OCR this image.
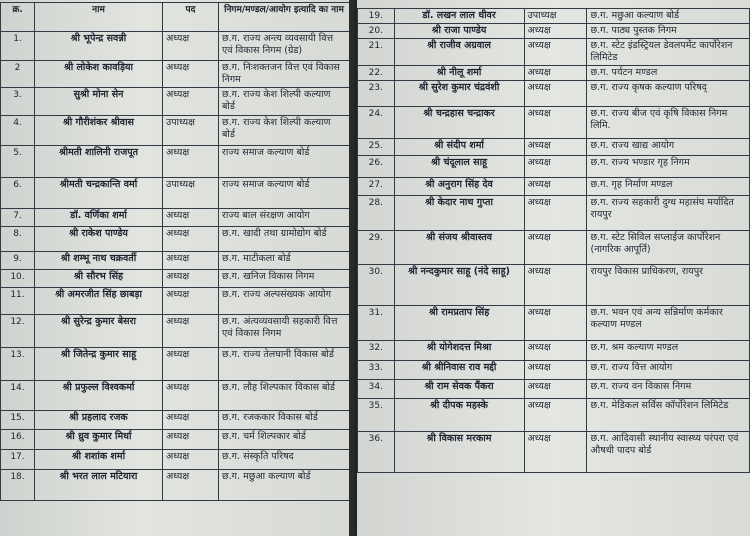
क्र.	नाम	पद	निगम/मण्डल/आयोग इत्यादि का नाम
1.	श्री भूपेन्द्र सवन्नी	अध्यक्ष	छ.ग. राज्य अन्त्य व्यवसायी वित्त एवं विकास निगम (ग्रेड)
2	श्री लोकेश कावड़िया	अध्यक्ष	छ.ग. निःशक्तजन वित्त एवं विकास निगम
3.	सुश्री मोना सेन	अध्यक्ष	छ.ग. राज्य केश शिल्पी कल्याण बोर्ड
4.	श्री गौरीशंकर श्रीवास	उपाध्यक्ष	छ.ग. राज्य केश शिल्पी कल्याण बोर्ड
5.	श्रीमती शालिनी राजपूत	अध्यक्ष	राज्य समाज कल्याण बोर्ड
6.	श्रीमती चन्द्रकान्ति वर्मा	उपाध्यक्ष	राज्य समाज कल्याण बोर्ड
7.	डॉ. वर्णिका शर्मा	अध्यक्ष	राज्य बाल संरक्षण आयोग
8.	श्री राकेश पाण्डेय	अध्यक्ष	छ.ग. खादी तथा ग्रामोद्योग बोर्ड
9.	श्री शम्भू नाथ चक्रवर्ती	अध्यक्ष	छ.ग. माटीकला बोर्ड
10.	श्री सौरभ सिंह	अध्यक्ष	छ.ग. खनिज विकास निगम
11.	श्री अमरजीत सिंह छाबड़ा	अध्यक्ष	छ.ग. राज्य अल्पसंख्यक आयोग
12.	श्री सुरेन्द्र कुमार बेसरा	अध्यक्ष	छ.ग. अंत्यव्यवसायी सहकारी वित्त एवं विकास निगम
13.	श्री जितेन्द्र कुमार साहू	अध्यक्ष	छ.ग. राज्य तेलघानी विकास बोर्ड
14.	श्री प्रफुल्ल विश्वकर्मा	अध्यक्ष	छ.ग. लौह शिल्पकार विकास बोर्ड
15.	श्री प्रहलाद रजक	अध्यक्ष	छ.ग. रजककार विकास बोर्ड
16.	श्री ध्रुव कुमार मिर्धा	अध्यक्ष	छ.ग. चर्म शिल्पकार बोर्ड
17.	श्री शशांक शर्मा	अध्यक्ष	छ.ग. संस्कृति परिषद
18.	श्री भरत लाल मटियारा	अध्यक्ष	छ.ग. मछुआ कल्याण बोर्ड
19.	डॉ. लखन लाल धीवर	उपाध्यक्ष	छ.ग. मछुआ कल्याण बोर्ड
20.	श्री राजा पाण्डेय	अध्यक्ष	छ.ग. पाठ्य पुस्तक निगम
21.	श्री राजीव अग्रवाल	अध्यक्ष	छ.ग. स्टेट इंडस्ट्रियल डेवलपमेंट कार्पोरेशन लिमिटेड
22.	श्री नीलू शर्मा	अध्यक्ष	छ.ग. पर्यटन मण्डल
23.	श्री सुरेश कुमार चंद्रवंशी	अध्यक्ष	छ.ग. राज्य कृषक कल्याण परिषद्
24.	श्री चन्द्रहास चन्द्राकर	अध्यक्ष	छ.ग. राज्य बीज एवं कृषि विकास निगम लिमि.
25.	श्री संदीप शर्मा	अध्यक्ष	छ.ग. राज्य खाद्य आयोग
26.	श्री चंदूलाल साहू	अध्यक्ष	छ.ग. राज्य भण्डार गृह निगम
27.	श्री अनुराग सिंह देव	अध्यक्ष	छ.ग. गृह निर्माण मण्डल
28.	श्री केदार नाथ गुप्ता	अध्यक्ष	छ.ग. राज्य सहकारी दुग्ध महासंघ मर्यादित रायपुर
29.	श्री संजय श्रीवास्तव	अध्यक्ष	छ.ग. स्टेट सिविल सप्लाईज कार्पोरेशन (नागरिक आपूर्ति)
30.	श्री नन्दकुमार साहू (नंदे साहू)	अध्यक्ष	रायपुर विकास प्राधिकरण, रायपुर
31.	श्री रामप्रताप सिंह	अध्यक्ष	छ.ग. भवन एवं अन्य सन्निर्माण कर्मकार कल्याण मण्डल
32.	श्री योगेशदत्त मिश्रा	अध्यक्ष	छ.ग. श्रम कल्याण मण्डल
33.	श्री श्रीनिवास राव मद्दी	अध्यक्ष	छ.ग. राज्य वित्त आयोग
34.	श्री राम सेवक पैंकरा	अध्यक्ष	छ.ग. राज्य वन विकास निगम
35.	श्री दीपक महस्के	अध्यक्ष	छ.ग. मेडिकल सर्विस कॉर्पोरेशन लिमिटेड
36.	श्री विकास मरकाम	अध्यक्ष	छ.ग. आदिवासी स्थानीय स्वास्थ्य परंपरा एवं औषधी पादप बोर्ड
